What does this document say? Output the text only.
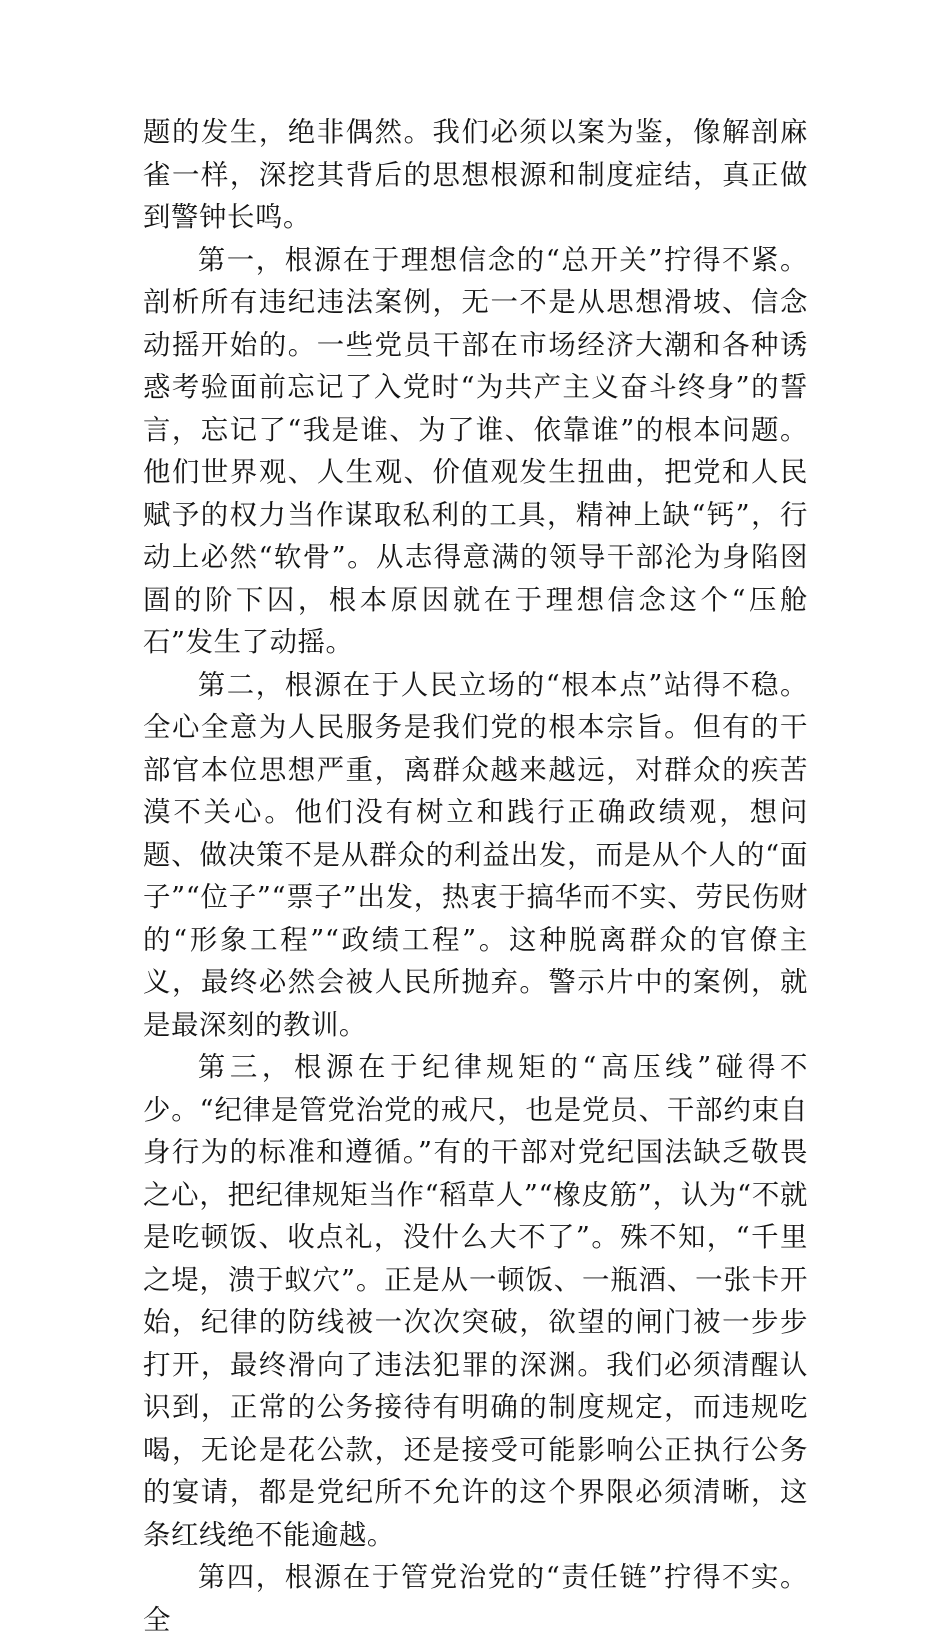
题的发生，绝非偶然。我们必须以案为鉴，像解剖麻雀一样，深挖其背后的思想根源和制度症结，真正做到警钟长鸣。

第一，根源在于理想信念的“总开关”拧得不紧。剖析所有违纪违法案例，无一不是从思想滑坡、信念动摇开始的。一些党员干部在市场经济大潮和各种诱惑考验面前忘记了入党时“为共产主义奋斗终身”的誓言，忘记了“我是谁、为了谁、依靠谁”的根本问题。他们世界观、人生观、价值观发生扭曲，把党和人民赋予的权力当作谋取私利的工具，精神上缺“钙”，行动上必然“软骨”。从志得意满的领导干部沦为身陷囹圄的阶下囚，根本原因就在于理想信念这个“压舱石”发生了动摇。

第二，根源在于人民立场的“根本点”站得不稳。全心全意为人民服务是我们党的根本宗旨。但有的干部官本位思想严重，离群众越来越远，对群众的疾苦漠不关心。他们没有树立和践行正确政绩观，想问题、做决策不是从群众的利益出发，而是从个人的“面子”“位子”“票子”出发，热衷于搞华而不实、劳民伤财的“形象工程”“政绩工程”。这种脱离群众的官僚主义，最终必然会被人民所抛弃。警示片中的案例，就是最深刻的教训。

第三，根源在于纪律规矩的“高压线”碰得不少。“纪律是管党治党的戒尺，也是党员、干部约束自身行为的标准和遵循。”有的干部对党纪国法缺乏敬畏之心，把纪律规矩当作“稻草人”“橡皮筋”，认为“不就是吃顿饭、收点礼，没什么大不了”。殊不知，“千里之堤，溃于蚁穴”。正是从一顿饭、一瓶酒、一张卡开始，纪律的防线被一次次突破，欲望的闸门被一步步打开，最终滑向了违法犯罪的深渊。我们必须清醒认识到，正常的公务接待有明确的制度规定，而违规吃喝，无论是花公款，还是接受可能影响公正执行公务的宴请，都是党纪所不允许的这个界限必须清晰，这条红线绝不能逾越。

第四，根源在于管党治党的“责任链”拧得不实。全
